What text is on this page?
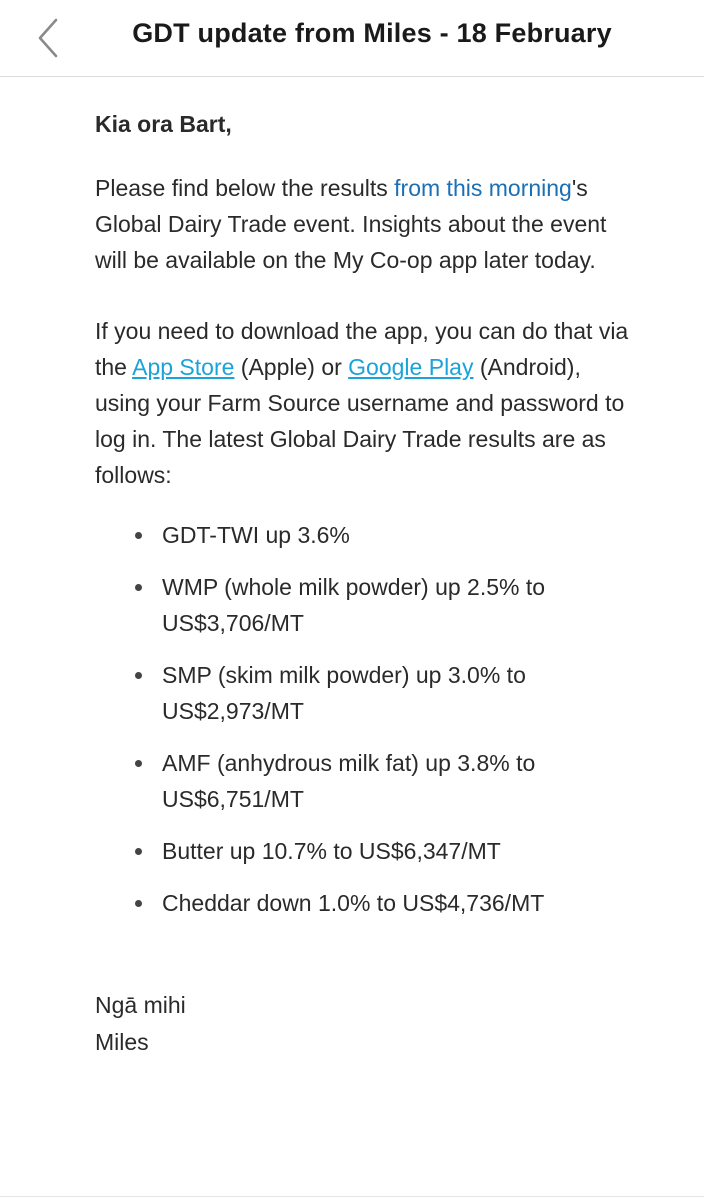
GDT update from Miles - 18 February
Kia ora Bart,

Please find below the results from this morning's Global Dairy Trade event. Insights about the event will be available on the My Co-op app later today.

If you need to download the app, you can do that via the App Store (Apple) or Google Play (Android), using your Farm Source username and password to log in. The latest Global Dairy Trade results are as follows:

GDT-TWI up 3.6%
WMP (whole milk powder) up 2.5% to US$3,706/MT
SMP (skim milk powder) up 3.0% to US$2,973/MT
AMF (anhydrous milk fat) up 3.8% to US$6,751/MT
Butter up 10.7% to US$6,347/MT
Cheddar down 1.0% to US$4,736/MT
Ngā mihi
Miles
